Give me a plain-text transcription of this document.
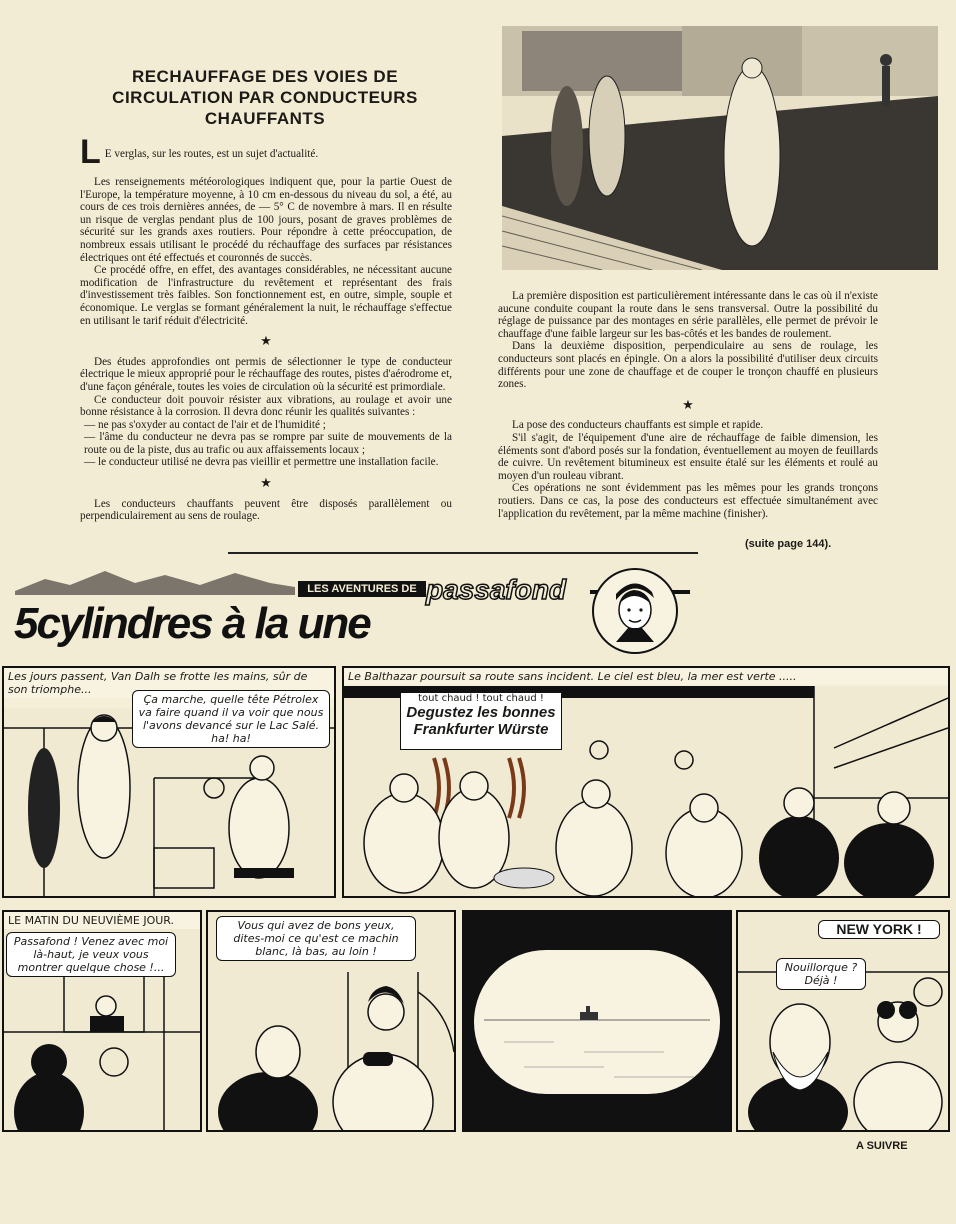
RECHAUFFAGE DES VOIES DE
CIRCULATION PAR CONDUCTEURS
CHAUFFANTS
L E verglas, sur les routes, est un sujet d'actualité.

Les renseignements météorologiques indiquent que, pour la partie Ouest de l'Europe, la température moyenne, à 10 cm en-dessous du niveau du sol, a été, au cours de ces trois dernières années, de — 5° C de novembre à mars. Il en résulte un risque de verglas pendant plus de 100 jours, posant de graves problèmes de sécurité sur les grands axes routiers. Pour répondre à cette préoccupation, de nombreux essais utilisant le procédé du réchauffage des surfaces par résistances électriques ont été effectués et couronnés de succès.

Ce procédé offre, en effet, des avantages considérables, ne nécessitant aucune modification de l'infrastructure du revêtement et représentant des frais d'investissement très faibles. Son fonctionnement est, en outre, simple, souple et économique. Le verglas se formant généralement la nuit, le réchauffage s'effectue en utilisant le tarif réduit d'électricité.

★

Des études approfondies ont permis de sélectionner le type de conducteur électrique le mieux approprié pour le réchauffage des routes, pistes d'aérodrome et, d'une façon générale, toutes les voies de circulation où la sécurité est primordiale.

Ce conducteur doit pouvoir résister aux vibrations, au roulage et avoir une bonne résistance à la corrosion. Il devra donc réunir les qualités suivantes :

— ne pas s'oxyder au contact de l'air et de l'humidité ;
— l'âme du conducteur ne devra pas se rompre par suite de mouvements de la route ou de la piste, dus au trafic ou aux affaissements locaux ;
— le conducteur utilisé ne devra pas vieillir et permettre une installation facile.
★

Les conducteurs chauffants peuvent être disposés parallèlement ou perpendiculairement au sens de roulage.

La première disposition est particulièrement intéressante dans le cas où il n'existe aucune conduite coupant la route dans le sens transversal. Outre la possibilité du réglage de puissance par des montages en série parallèles, elle permet de prévoir le chauffage d'une faible largeur sur les bas-côtés et les bandes de roulement.

Dans la deuxième disposition, perpendiculaire au sens de roulage, les conducteurs sont placés en épingle. On a alors la possibilité d'utiliser deux circuits différents pour une zone de chauffage et de couper le tronçon chauffé en plusieurs zones.

★

La pose des conducteurs chauffants est simple et rapide.

S'il s'agit, de l'équipement d'une aire de réchauffage de faible dimension, les éléments sont d'abord posés sur la fondation, éventuellement au moyen de feuillards de cuivre. Un revêtement bitumineux est ensuite étalé sur les éléments et roulé au moyen d'un rouleau vibrant.

Ces opérations ne sont évidemment pas les mêmes pour les grands tronçons routiers. Dans ce cas, la pose des conducteurs est effectuée simultanément avec l'application du revêtement, par la même machine (finisher).

(suite page 144).
LES AVENTURES DE passafond
5cylindres à la une
Les jours passent, Van Dalh se frotte les mains, sûr de son triomphe...
Ça marche, quelle tête Pétrolex va faire quand il va voir que nous l'avons devancé sur le Lac Salé. ha! ha!
Le Balthazar poursuit sa route sans incident. Le ciel est bleu, la mer est verte .....
tout chaud ! tout chaud !
Degustez les bonnes
Frankfurter Würste
LE MATIN DU NEUVIÈME JOUR.
Passafond ! Venez avec moi là-haut, je veux vous montrer quelque chose !...
Vous qui avez de bons yeux, dites-moi ce qu'est ce machin blanc, là bas, au loin !
NEW YORK !
Nouillorque ? Déjà !
A SUIVRE
